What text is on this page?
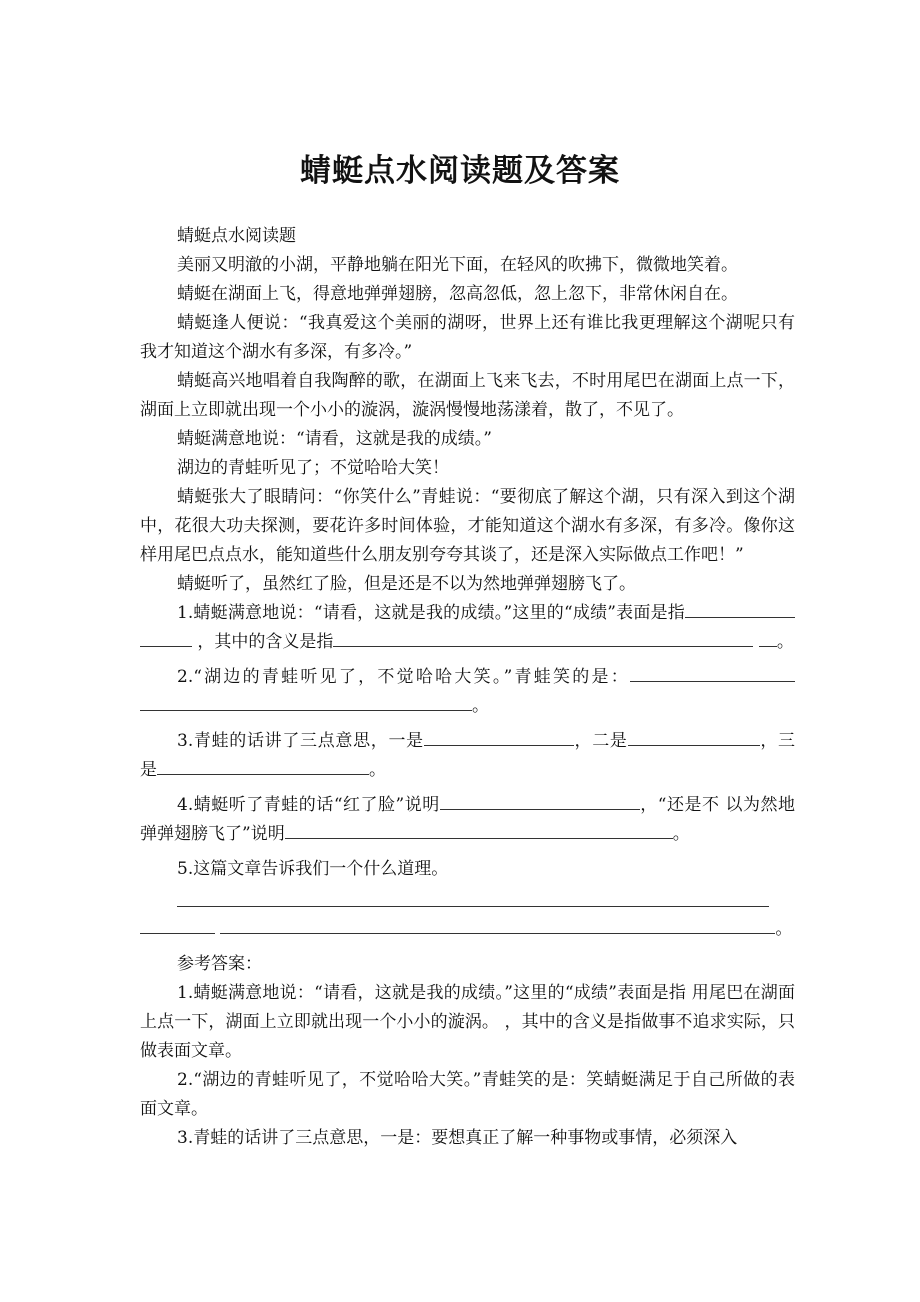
蜻蜓点水阅读题及答案

蜻蜓点水阅读题

美丽又明澈的小湖，平静地躺在阳光下面，在轻风的吹拂下，微微地笑着。

蜻蜓在湖面上飞，得意地弹弹翅膀，忽高忽低，忽上忽下，非常休闲自在。

蜻蜓逢人便说：“我真爱这个美丽的湖呀，世界上还有谁比我更理解这个湖呢只有我才知道这个湖水有多深，有多冷。”

蜻蜓高兴地唱着自我陶醉的歌，在湖面上飞来飞去，不时用尾巴在湖面上点一下，湖面上立即就出现一个小小的漩涡，漩涡慢慢地荡漾着，散了，不见了。

蜻蜓满意地说：“请看，这就是我的成绩。”

湖边的青蛙听见了；不觉哈哈大笑！

蜻蜓张大了眼睛问：“你笑什么”青蛙说：“要彻底了解这个湖，只有深入到这个湖中，花很大功夫探测，要花许多时间体验，才能知道这个湖水有多深，有多冷。像你这样用尾巴点点水，能知道些什么朋友别夸夸其谈了，还是深入实际做点工作吧！”

蜻蜓听了，虽然红了脸，但是还是不以为然地弹弹翅膀飞了。

1.蜻蜓满意地说：“请看，这就是我的成绩。”这里的“成绩”表面是指  ，其中的含义是指	。

2.“湖边的青蛙听见了，不觉哈哈大笑。”青蛙笑的是： 。

3.青蛙的话讲了三点意思，一是	，二是	，三是	。

4.蜻蜓听了青蛙的话“红了脸”说明	，“还是不 以为然地弹弹翅膀飞了”说明	。

5.这篇文章告诉我们一个什么道理。

。

参考答案：

1.蜻蜓满意地说：“请看，这就是我的成绩。”这里的“成绩”表面是指 用尾巴在湖面上点一下，湖面上立即就出现一个小小的漩涡。 ，其中的含义是指做事不追求实际，只做表面文章。

2.“湖边的青蛙听见了，不觉哈哈大笑。”青蛙笑的是：笑蜻蜓满足于自己所做的表面文章。

3.青蛙的话讲了三点意思，一是：要想真正了解一种事物或事情，必须深入
